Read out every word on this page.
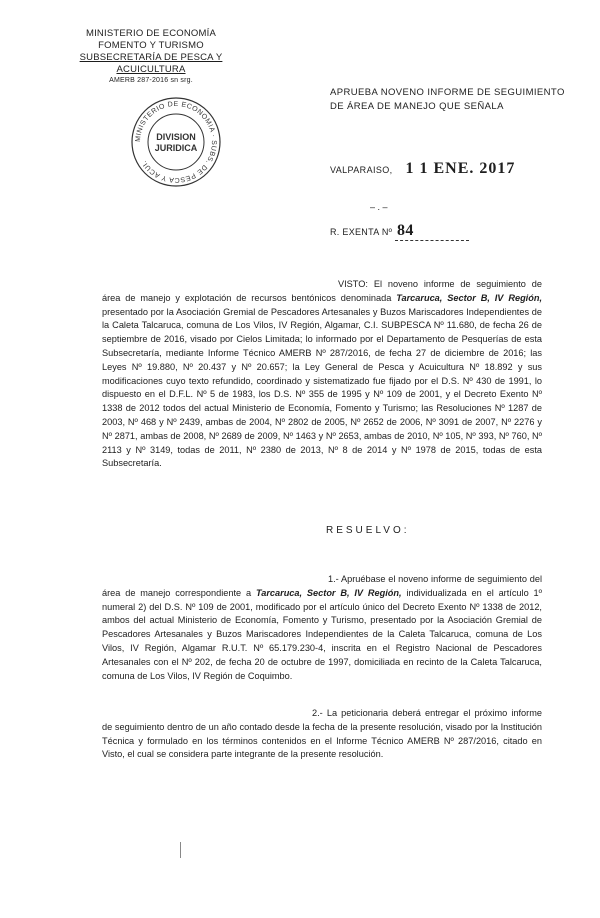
MINISTERIO DE ECONOMÍA
FOMENTO Y TURISMO
SUBSECRETARÍA DE PESCA Y ACUICULTURA
AMERB 287-2016 sn srg.
MINISTERIO DE ECONOMIA · SUBS. DE PESCA Y ACUI.
DIVISION
JURIDICA
APRUEBA NOVENO INFORME DE SEGUIMIENTO DE ÁREA DE MANEJO QUE SEÑALA
VALPARAISO, 1 1 ENE. 2017
– . –
R. EXENTA Nº 84
VISTO: El noveno informe de seguimiento de área de manejo y explotación de recursos bentónicos denominada Tarcaruca, Sector B, IV Región, presentado por la Asociación Gremial de Pescadores Artesanales y Buzos Mariscadores Independientes de la Caleta Talcaruca, comuna de Los Vilos, IV Región, Algamar, C.I. SUBPESCA Nº 11.680, de fecha 26 de septiembre de 2016, visado por Cielos Limitada; lo informado por el Departamento de Pesquerías de esta Subsecretaría, mediante Informe Técnico AMERB Nº 287/2016, de fecha 27 de diciembre de 2016; las Leyes Nº 19.880, Nº 20.437 y Nº 20.657; la Ley General de Pesca y Acuicultura Nº 18.892 y sus modificaciones cuyo texto refundido, coordinado y sistematizado fue fijado por el D.S. Nº 430 de 1991, lo dispuesto en el D.F.L. Nº 5 de 1983, los D.S. Nº 355 de 1995 y Nº 109 de 2001, y el Decreto Exento Nº 1338 de 2012 todos del actual Ministerio de Economía, Fomento y Turismo; las Resoluciones Nº 1287 de 2003, Nº 468 y Nº 2439, ambas de 2004, Nº 2802 de 2005, Nº 2652 de 2006, Nº 3091 de 2007, Nº 2276 y Nº 2871, ambas de 2008, Nº 2689 de 2009, Nº 1463 y Nº 2653, ambas de 2010, Nº 105, Nº 393, Nº 760, Nº 2113 y Nº 3149, todas de 2011, Nº 2380 de 2013, Nº 8 de 2014 y Nº 1978 de 2015, todas de esta Subsecretaría.
RESUELVO:
1.- Apruébase el noveno informe de seguimiento del área de manejo correspondiente a Tarcaruca, Sector B, IV Región, individualizada en el artículo 1º numeral 2) del D.S. Nº 109 de 2001, modificado por el artículo único del Decreto Exento Nº 1338 de 2012, ambos del actual Ministerio de Economía, Fomento y Turismo, presentado por la Asociación Gremial de Pescadores Artesanales y Buzos Mariscadores Independientes de la Caleta Talcaruca, comuna de Los Vilos, IV Región, Algamar R.U.T. Nº 65.179.230-4, inscrita en el Registro Nacional de Pescadores Artesanales con el Nº 202, de fecha 20 de octubre de 1997, domiciliada en recinto de la Caleta Talcaruca, comuna de Los Vilos, IV Región de Coquimbo.
2.- La peticionaria deberá entregar el próximo informe de seguimiento dentro de un año contado desde la fecha de la presente resolución, visado por la Institución Técnica y formulado en los términos contenidos en el Informe Técnico AMERB Nº 287/2016, citado en Visto, el cual se considera parte integrante de la presente resolución.
